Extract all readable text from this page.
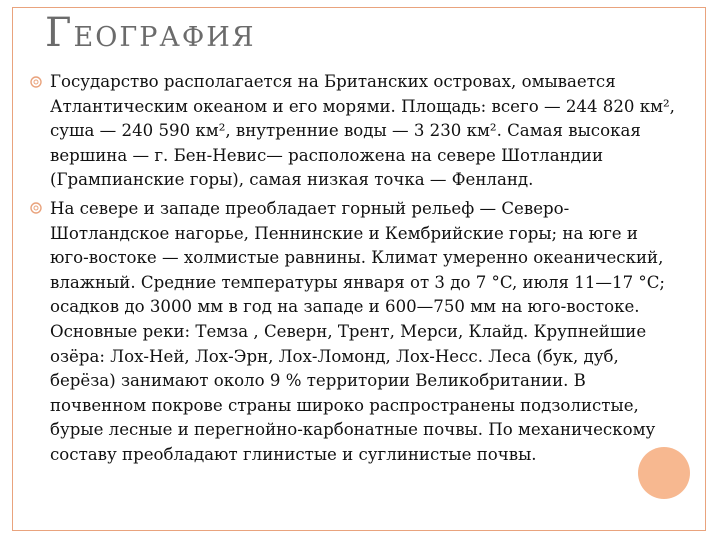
ГЕОГРАФИЯ
Государство располагается на Британских островах, омывается Атлантическим океаном и его морями. Площадь: всего — 244 820 км², суша — 240 590 км², внутренние воды — 3 230 км². Самая высокая вершина — г. Бен-Невис— расположена на севере Шотландии (Грампианские горы), самая низкая точка — Фенланд.
На севере и западе преобладает горный рельеф — Северо-Шотландское нагорье, Пеннинские и Кембрийские горы; на юге и юго-востоке — холмистые равнины. Климат умеренно океанический, влажный. Средние температуры января от 3 до 7 °C, июля 11—17 °C; осадков до 3000 мм в год на западе и 600—750 мм на юго-востоке. Основные реки: Темза , Северн, Трент, Мерси, Клайд. Крупнейшие озёра: Лох-Ней, Лох-Эрн, Лох-Ломонд, Лох-Несс. Леса (бук, дуб, берёза) занимают около 9 % территории Великобритании. В почвенном покрове страны широко распространены подзолистые, бурые лесные и перегнойно-карбонатные почвы. По механическому составу преобладают глинистые и суглинистые почвы.
